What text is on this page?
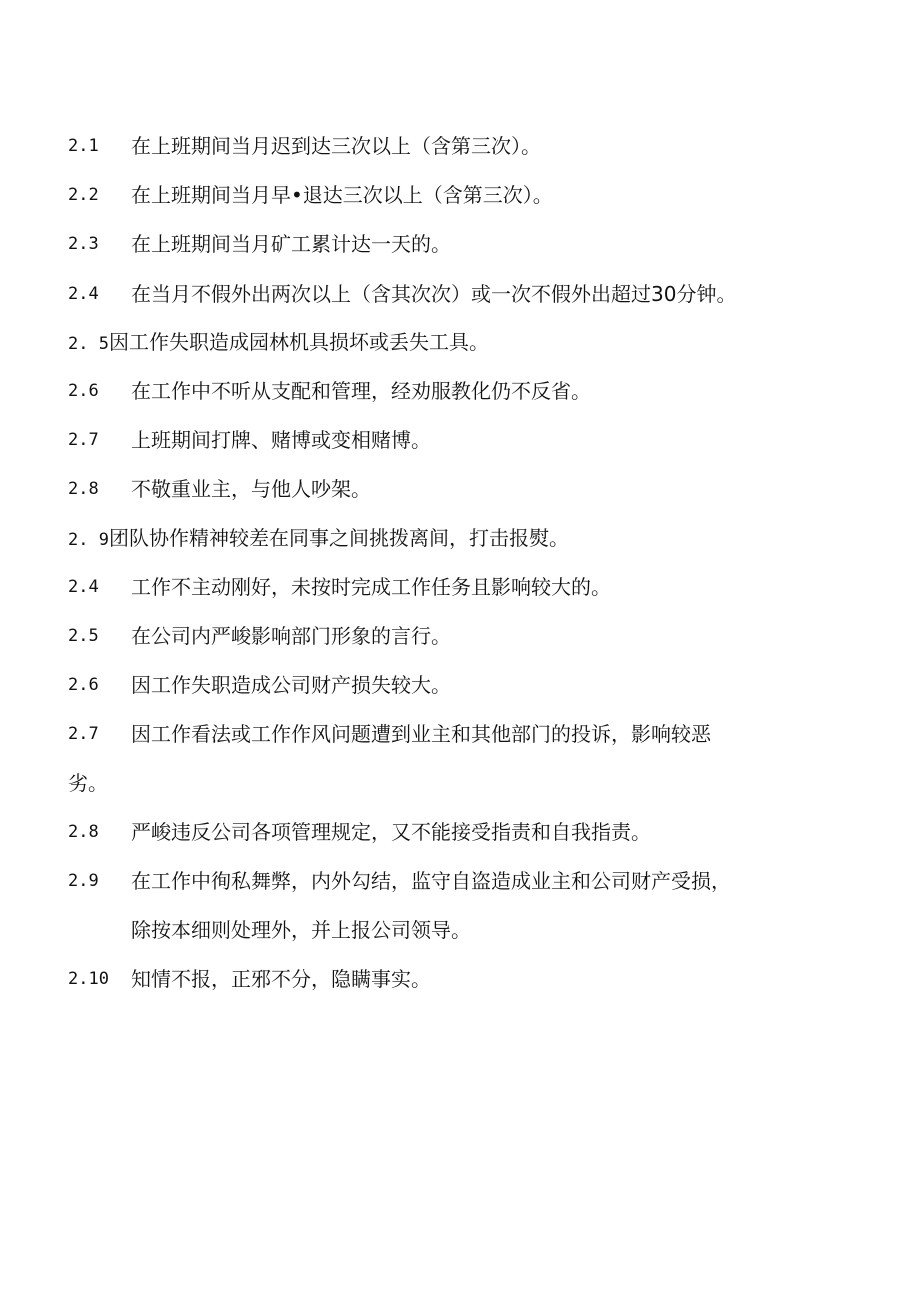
2.1 在上班期间当月迟到达三次以上（含第三次）。
2.2 在上班期间当月早•退达三次以上（含第三次）。
2.3 在上班期间当月矿工累计达一天的。
2.4 在当月不假外出两次以上（含其次次）或一次不假外出超过30分钟。
2. 5因工作失职造成园林机具损坏或丢失工具。
2.6 在工作中不听从支配和管理，经劝服教化仍不反省。
2.7 上班期间打牌、赌博或变相赌博。
2.8 不敬重业主，与他人吵架。
2. 9团队协作精神较差在同事之间挑拨离间，打击报熨。
2.4 工作不主动刚好，未按时完成工作任务且影响较大的。
2.5 在公司内严峻影响部门形象的言行。
2.6 因工作失职造成公司财产损失较大。
2.7 因工作看法或工作作风问题遭到业主和其他部门的投诉，影响较恶
劣。
2.8 严峻违反公司各项管理规定，又不能接受指责和自我指责。
2.9 在工作中徇私舞弊，内外勾结，监守自盗造成业主和公司财产受损，
除按本细则处理外，并上报公司领导。
2.10 知情不报，正邪不分，隐瞒事实。
